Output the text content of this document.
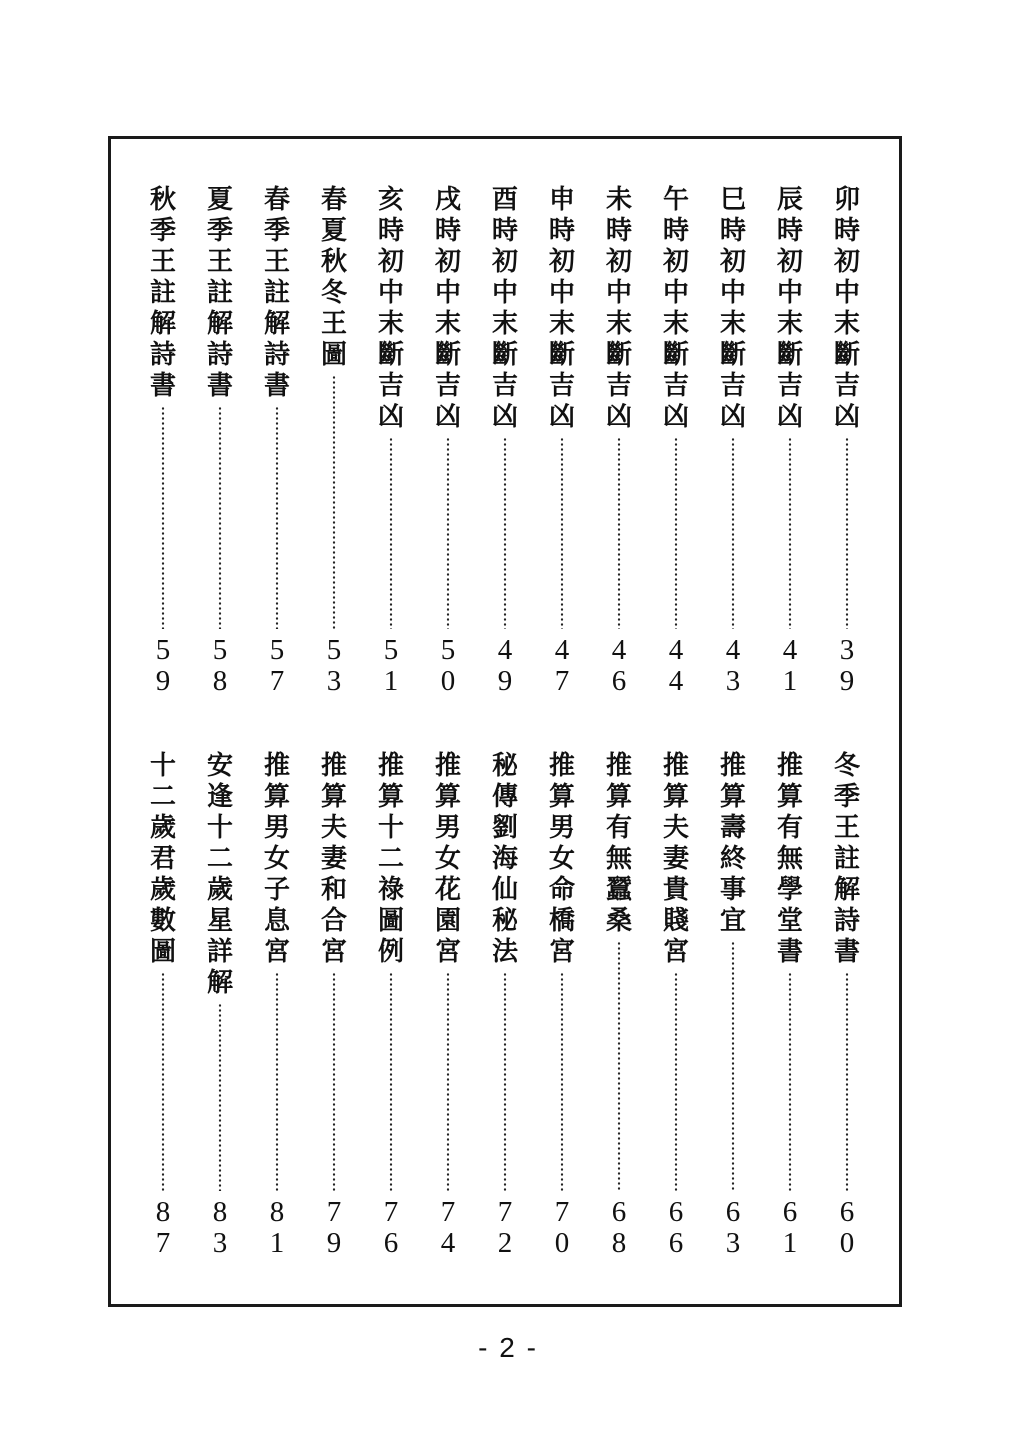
卯
時
初
中
末
斷
吉
凶
3
9
辰
時
初
中
末
斷
吉
凶
4
1
巳
時
初
中
末
斷
吉
凶
4
3
午
時
初
中
末
斷
吉
凶
4
4
未
時
初
中
末
斷
吉
凶
4
6
申
時
初
中
末
斷
吉
凶
4
7
酉
時
初
中
末
斷
吉
凶
4
9
戌
時
初
中
末
斷
吉
凶
5
0
亥
時
初
中
末
斷
吉
凶
5
1
春
夏
秋
冬
王
圖
5
3
春
季
王
註
解
詩
書
5
7
夏
季
王
註
解
詩
書
5
8
秋
季
王
註
解
詩
書
5
9
冬
季
王
註
解
詩
書
6
0
推
算
有
無
學
堂
書
6
1
推
算
壽
終
事
宜
6
3
推
算
夫
妻
貴
賤
宮
6
6
推
算
有
無
蠶
桑
6
8
推
算
男
女
命
橋
宮
7
0
秘
傳
劉
海
仙
秘
法
7
2
推
算
男
女
花
園
宮
7
4
推
算
十
二
祿
圖
例
7
6
推
算
夫
妻
和
合
宮
7
9
推
算
男
女
子
息
宮
8
1
安
逢
十
二
歲
星
詳
解
8
3
十
二
歲
君
歲
數
圖
8
7
- 2 -
